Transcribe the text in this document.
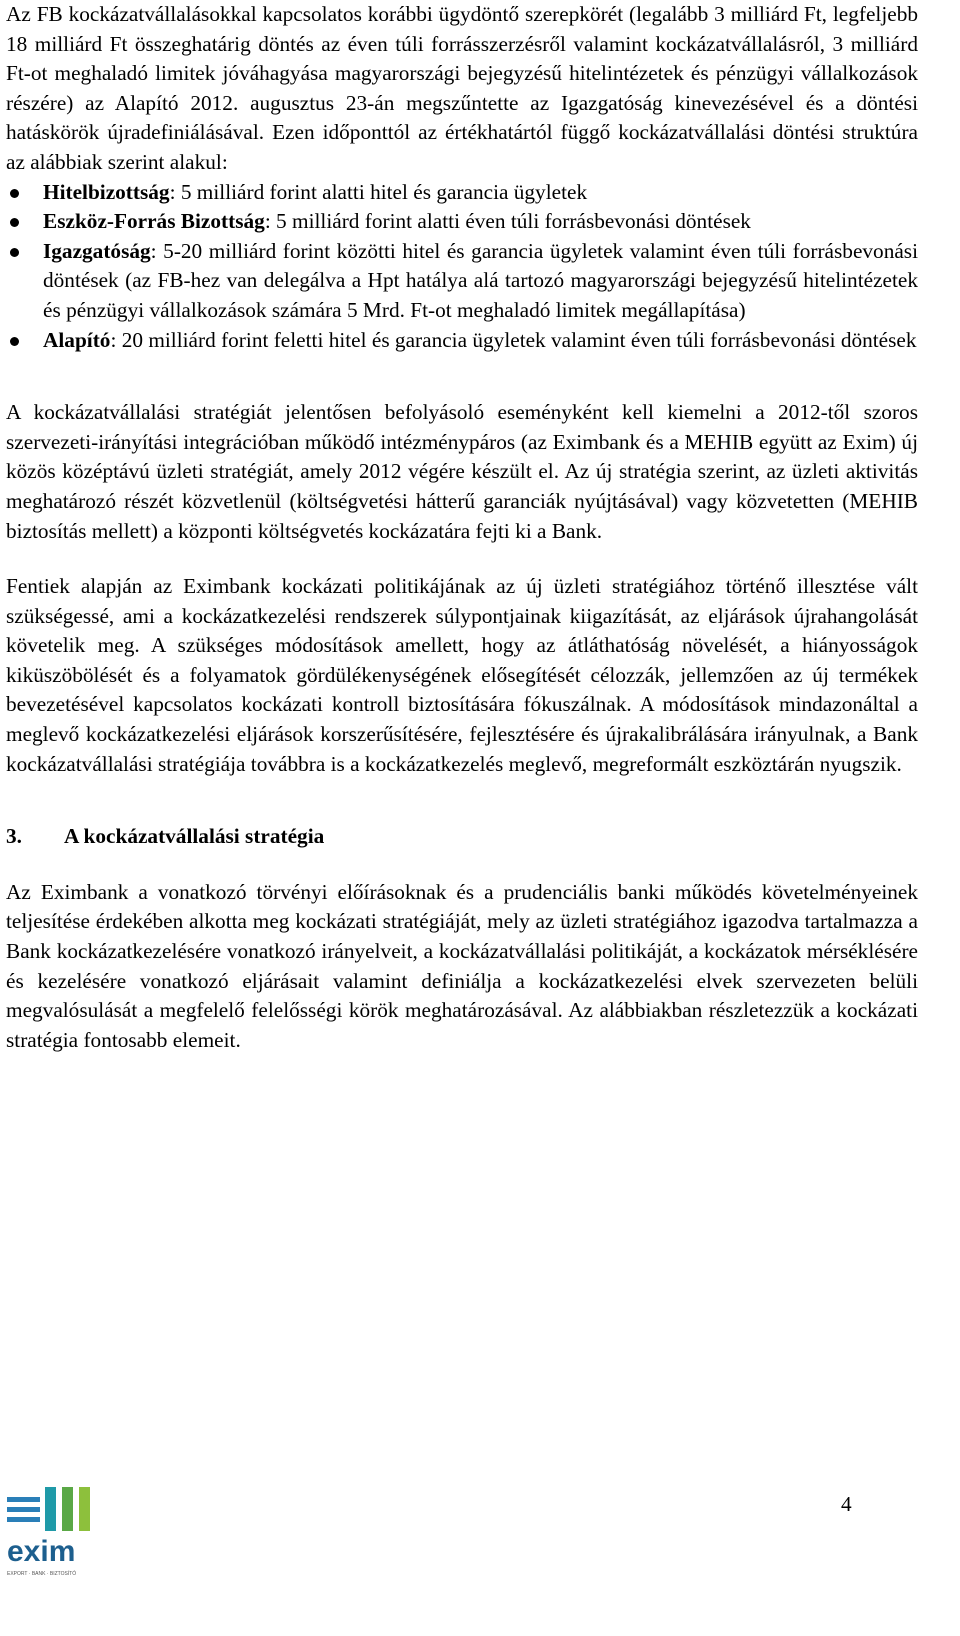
Az FB kockázatvállalásokkal kapcsolatos korábbi ügydöntő szerepkörét (legalább 3 milliárd Ft, legfeljebb 18 milliárd Ft összeghatárig döntés az éven túli forrásszerzésről valamint kockázatvállalásról, 3 milliárd Ft-ot meghaladó limitek jóváhagyása magyarországi bejegyzésű hitelintézetek és pénzügyi vállalkozások részére) az Alapító 2012. augusztus 23-án megszűntette az Igazgatóság kinevezésével és a döntési hatáskörök újradefiniálásával. Ezen időponttól az értékhatártól függő kockázatvállalási döntési struktúra az alábbiak szerint alakul:

Hitelbizottság: 5 milliárd forint alatti hitel és garancia ügyletek
Eszköz-Forrás Bizottság: 5 milliárd forint alatti éven túli forrásbevonási döntések
Igazgatóság: 5-20 milliárd forint közötti hitel és garancia ügyletek valamint éven túli forrásbevonási döntések (az FB-hez van delegálva a Hpt hatálya alá tartozó magyarországi bejegyzésű hitelintézetek és pénzügyi vállalkozások számára 5 Mrd. Ft-ot meghaladó limitek megállapítása)
Alapító: 20 milliárd forint feletti hitel és garancia ügyletek valamint éven túli forrásbevonási döntések

A kockázatvállalási stratégiát jelentősen befolyásoló eseményként kell kiemelni a 2012-től szoros szervezeti-irányítási integrációban működő intézménypáros (az Eximbank és a MEHIB együtt az Exim) új közös középtávú üzleti stratégiát, amely 2012 végére készült el. Az új stratégia szerint, az üzleti aktivitás meghatározó részét közvetlenül (költségvetési hátterű garanciák nyújtásával) vagy közvetetten (MEHIB biztosítás mellett) a központi költségvetés kockázatára fejti ki a Bank.

Fentiek alapján az Eximbank kockázati politikájának az új üzleti stratégiához történő illesztése vált szükségessé, ami a kockázatkezelési rendszerek súlypontjainak kiigazítását, az eljárások újrahangolását követelik meg. A szükséges módosítások amellett, hogy az átláthatóság növelését, a hiányosságok kiküszöbölését és a folyamatok gördülékenységének elősegítését célozzák, jellemzően az új termékek bevezetésével kapcsolatos kockázati kontroll biztosítására fókuszálnak. A módosítások mindazonáltal a meglevő kockázatkezelési eljárások korszerűsítésére, fejlesztésére és újrakalibrálására irányulnak, a Bank kockázatvállalási stratégiája továbbra is a kockázatkezelés meglevő, megreformált eszköztárán nyugszik.

3. A kockázatvállalási stratégia

Az Eximbank a vonatkozó törvényi előírásoknak és a prudenciális banki működés követelményeinek teljesítése érdekében alkotta meg kockázati stratégiáját, mely az üzleti stratégiához igazodva tartalmazza a Bank kockázatkezelésére vonatkozó irányelveit, a kockázatvállalási politikáját, a kockázatok mérséklésére és kezelésére vonatkozó eljárásait valamint definiálja a kockázatkezelési elvek szervezeten belüli megvalósulását a megfelelő felelősségi körök meghatározásával. Az alábbiakban részletezzük a kockázati stratégia fontosabb elemeit.

4
exim
EXPORT · BANK · BIZTOSÍTÓ
